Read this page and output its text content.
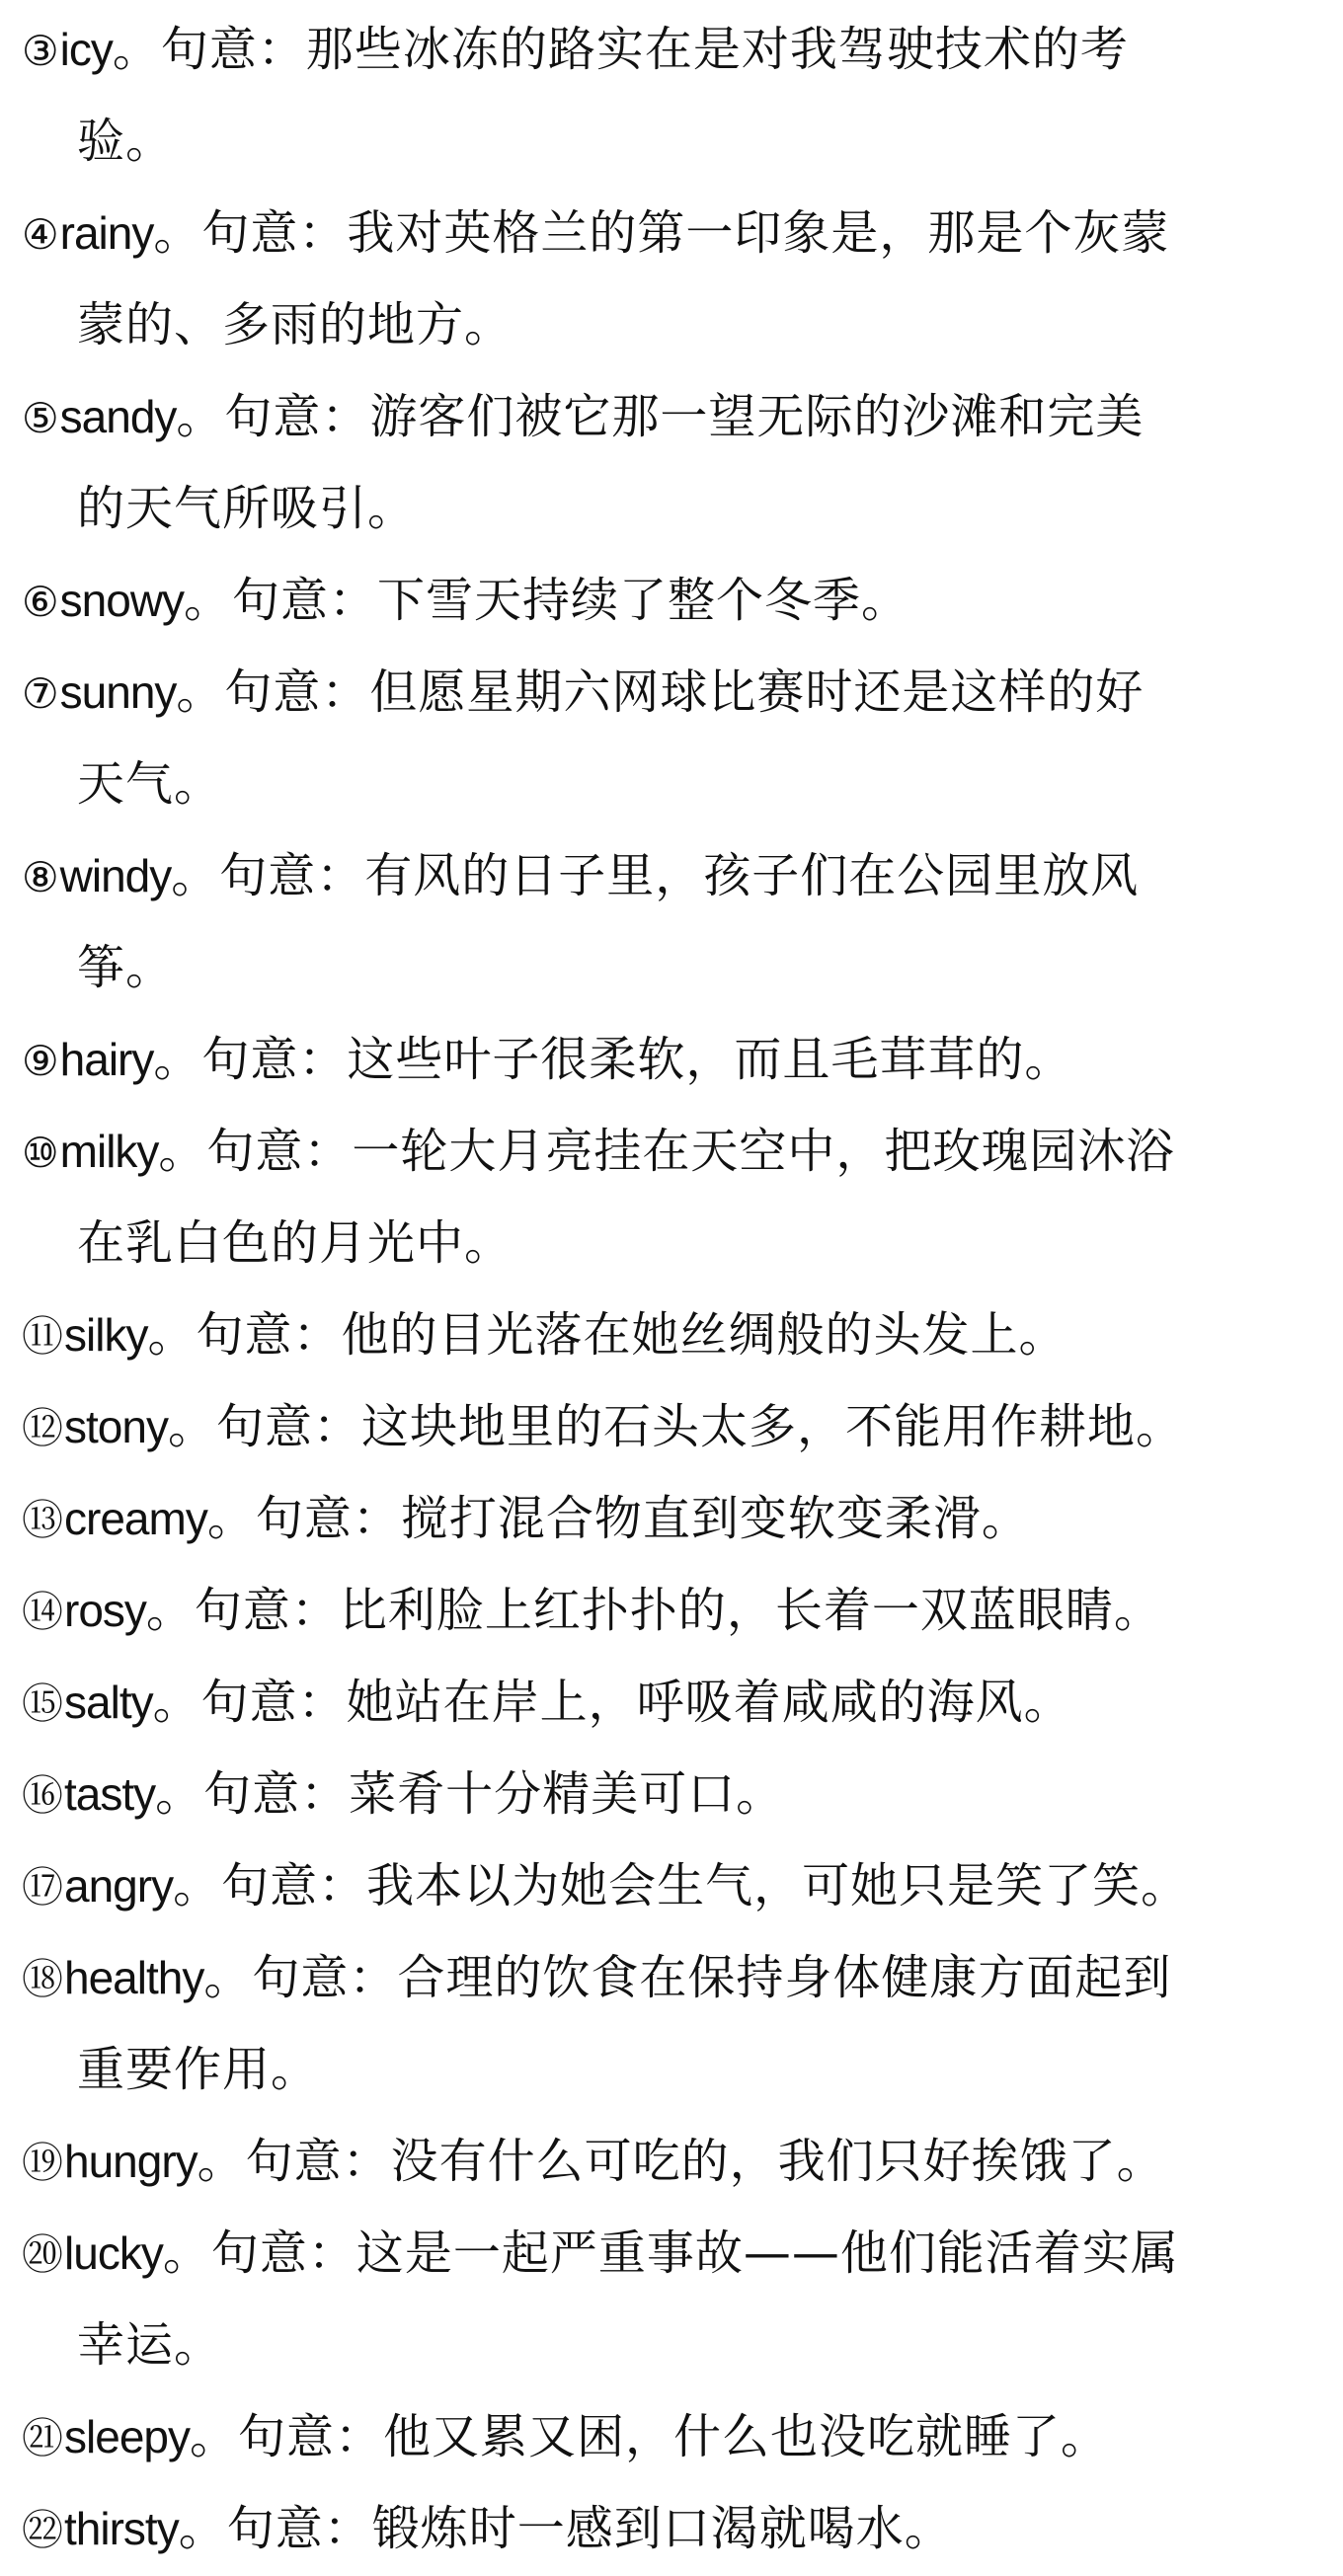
③icy。句意：那些冰冻的路实在是对我驾驶技术的考
验。
④rainy。句意：我对英格兰的第一印象是，那是个灰蒙
蒙的、多雨的地方。
⑤sandy。句意：游客们被它那一望无际的沙滩和完美
的天气所吸引。
⑥snowy。句意：下雪天持续了整个冬季。
⑦sunny。句意：但愿星期六网球比赛时还是这样的好
天气。
⑧windy。句意：有风的日子里，孩子们在公园里放风
筝。
⑨hairy。句意：这些叶子很柔软，而且毛茸茸的。
⑩milky。句意：一轮大月亮挂在天空中，把玫瑰园沐浴
在乳白色的月光中。
⑪silky。句意：他的目光落在她丝绸般的头发上。
⑫stony。句意：这块地里的石头太多，不能用作耕地。
⑬creamy。句意：搅打混合物直到变软变柔滑。
⑭rosy。句意：比利脸上红扑扑的，长着一双蓝眼睛。
⑮salty。句意：她站在岸上，呼吸着咸咸的海风。
⑯tasty。句意：菜肴十分精美可口。
⑰angry。句意：我本以为她会生气，可她只是笑了笑。
⑱healthy。句意：合理的饮食在保持身体健康方面起到
重要作用。
⑲hungry。句意：没有什么可吃的，我们只好挨饿了。
⑳lucky。句意：这是一起严重事故——他们能活着实属
幸运。
㉑sleepy。句意：他又累又困，什么也没吃就睡了。
㉒thirsty。句意：锻炼时一感到口渴就喝水。
